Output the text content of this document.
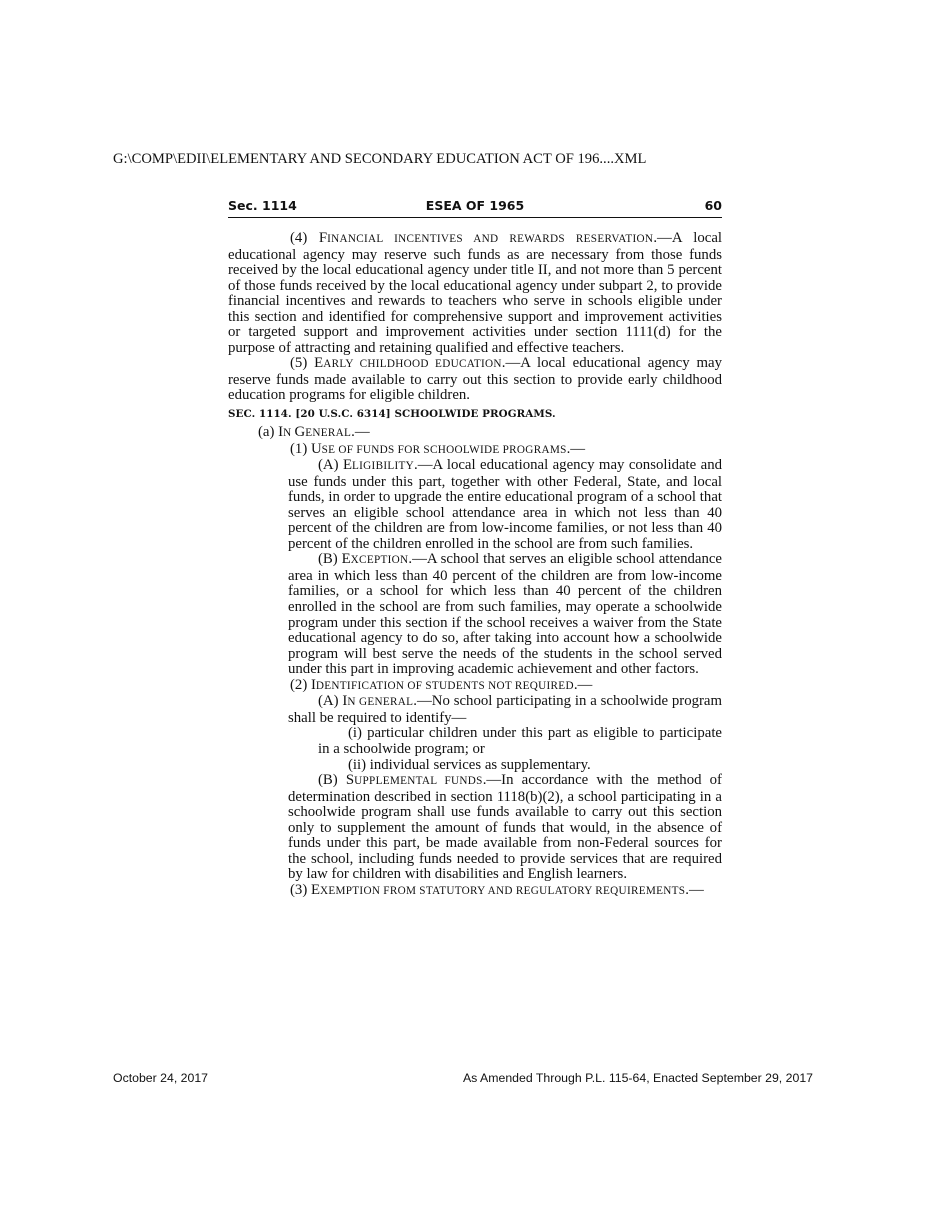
G:\COMP\EDII\ELEMENTARY AND SECONDARY EDUCATION ACT OF 196....XML
Sec. 1114	ESEA OF 1965	60

(4) FINANCIAL INCENTIVES AND REWARDS RESERVATION.—A local educational agency may reserve such funds as are necessary from those funds received by the local educational agency under title II, and not more than 5 percent of those funds received by the local educational agency under subpart 2, to provide financial incentives and rewards to teachers who serve in schools eligible under this section and identified for comprehensive support and improvement activities or targeted support and improvement activities under section 1111(d) for the purpose of attracting and retaining qualified and effective teachers.

(5) EARLY CHILDHOOD EDUCATION.—A local educational agency may reserve funds made available to carry out this section to provide early childhood education programs for eligible children.

SEC. 1114. [20 U.S.C. 6314] SCHOOLWIDE PROGRAMS.

(a) IN GENERAL.—

(1) USE OF FUNDS FOR SCHOOLWIDE PROGRAMS.—

(A) ELIGIBILITY.—A local educational agency may consolidate and use funds under this part, together with other Federal, State, and local funds, in order to upgrade the entire educational program of a school that serves an eligible school attendance area in which not less than 40 percent of the children are from low-income families, or not less than 40 percent of the children enrolled in the school are from such families.

(B) EXCEPTION.—A school that serves an eligible school attendance area in which less than 40 percent of the children are from low-income families, or a school for which less than 40 percent of the children enrolled in the school are from such families, may operate a schoolwide program under this section if the school receives a waiver from the State educational agency to do so, after taking into account how a schoolwide program will best serve the needs of the students in the school served under this part in improving academic achievement and other factors.

(2) IDENTIFICATION OF STUDENTS NOT REQUIRED.—

(A) IN GENERAL.—No school participating in a schoolwide program shall be required to identify—

(i) particular children under this part as eligible to participate in a schoolwide program; or

(ii) individual services as supplementary.

(B) SUPPLEMENTAL FUNDS.—In accordance with the method of determination described in section 1118(b)(2), a school participating in a schoolwide program shall use funds available to carry out this section only to supplement the amount of funds that would, in the absence of funds under this part, be made available from non-Federal sources for the school, including funds needed to provide services that are required by law for children with disabilities and English learners.

(3) EXEMPTION FROM STATUTORY AND REGULATORY REQUIREMENTS.—

October 24, 2017	As Amended Through P.L. 115-64, Enacted September 29, 2017
